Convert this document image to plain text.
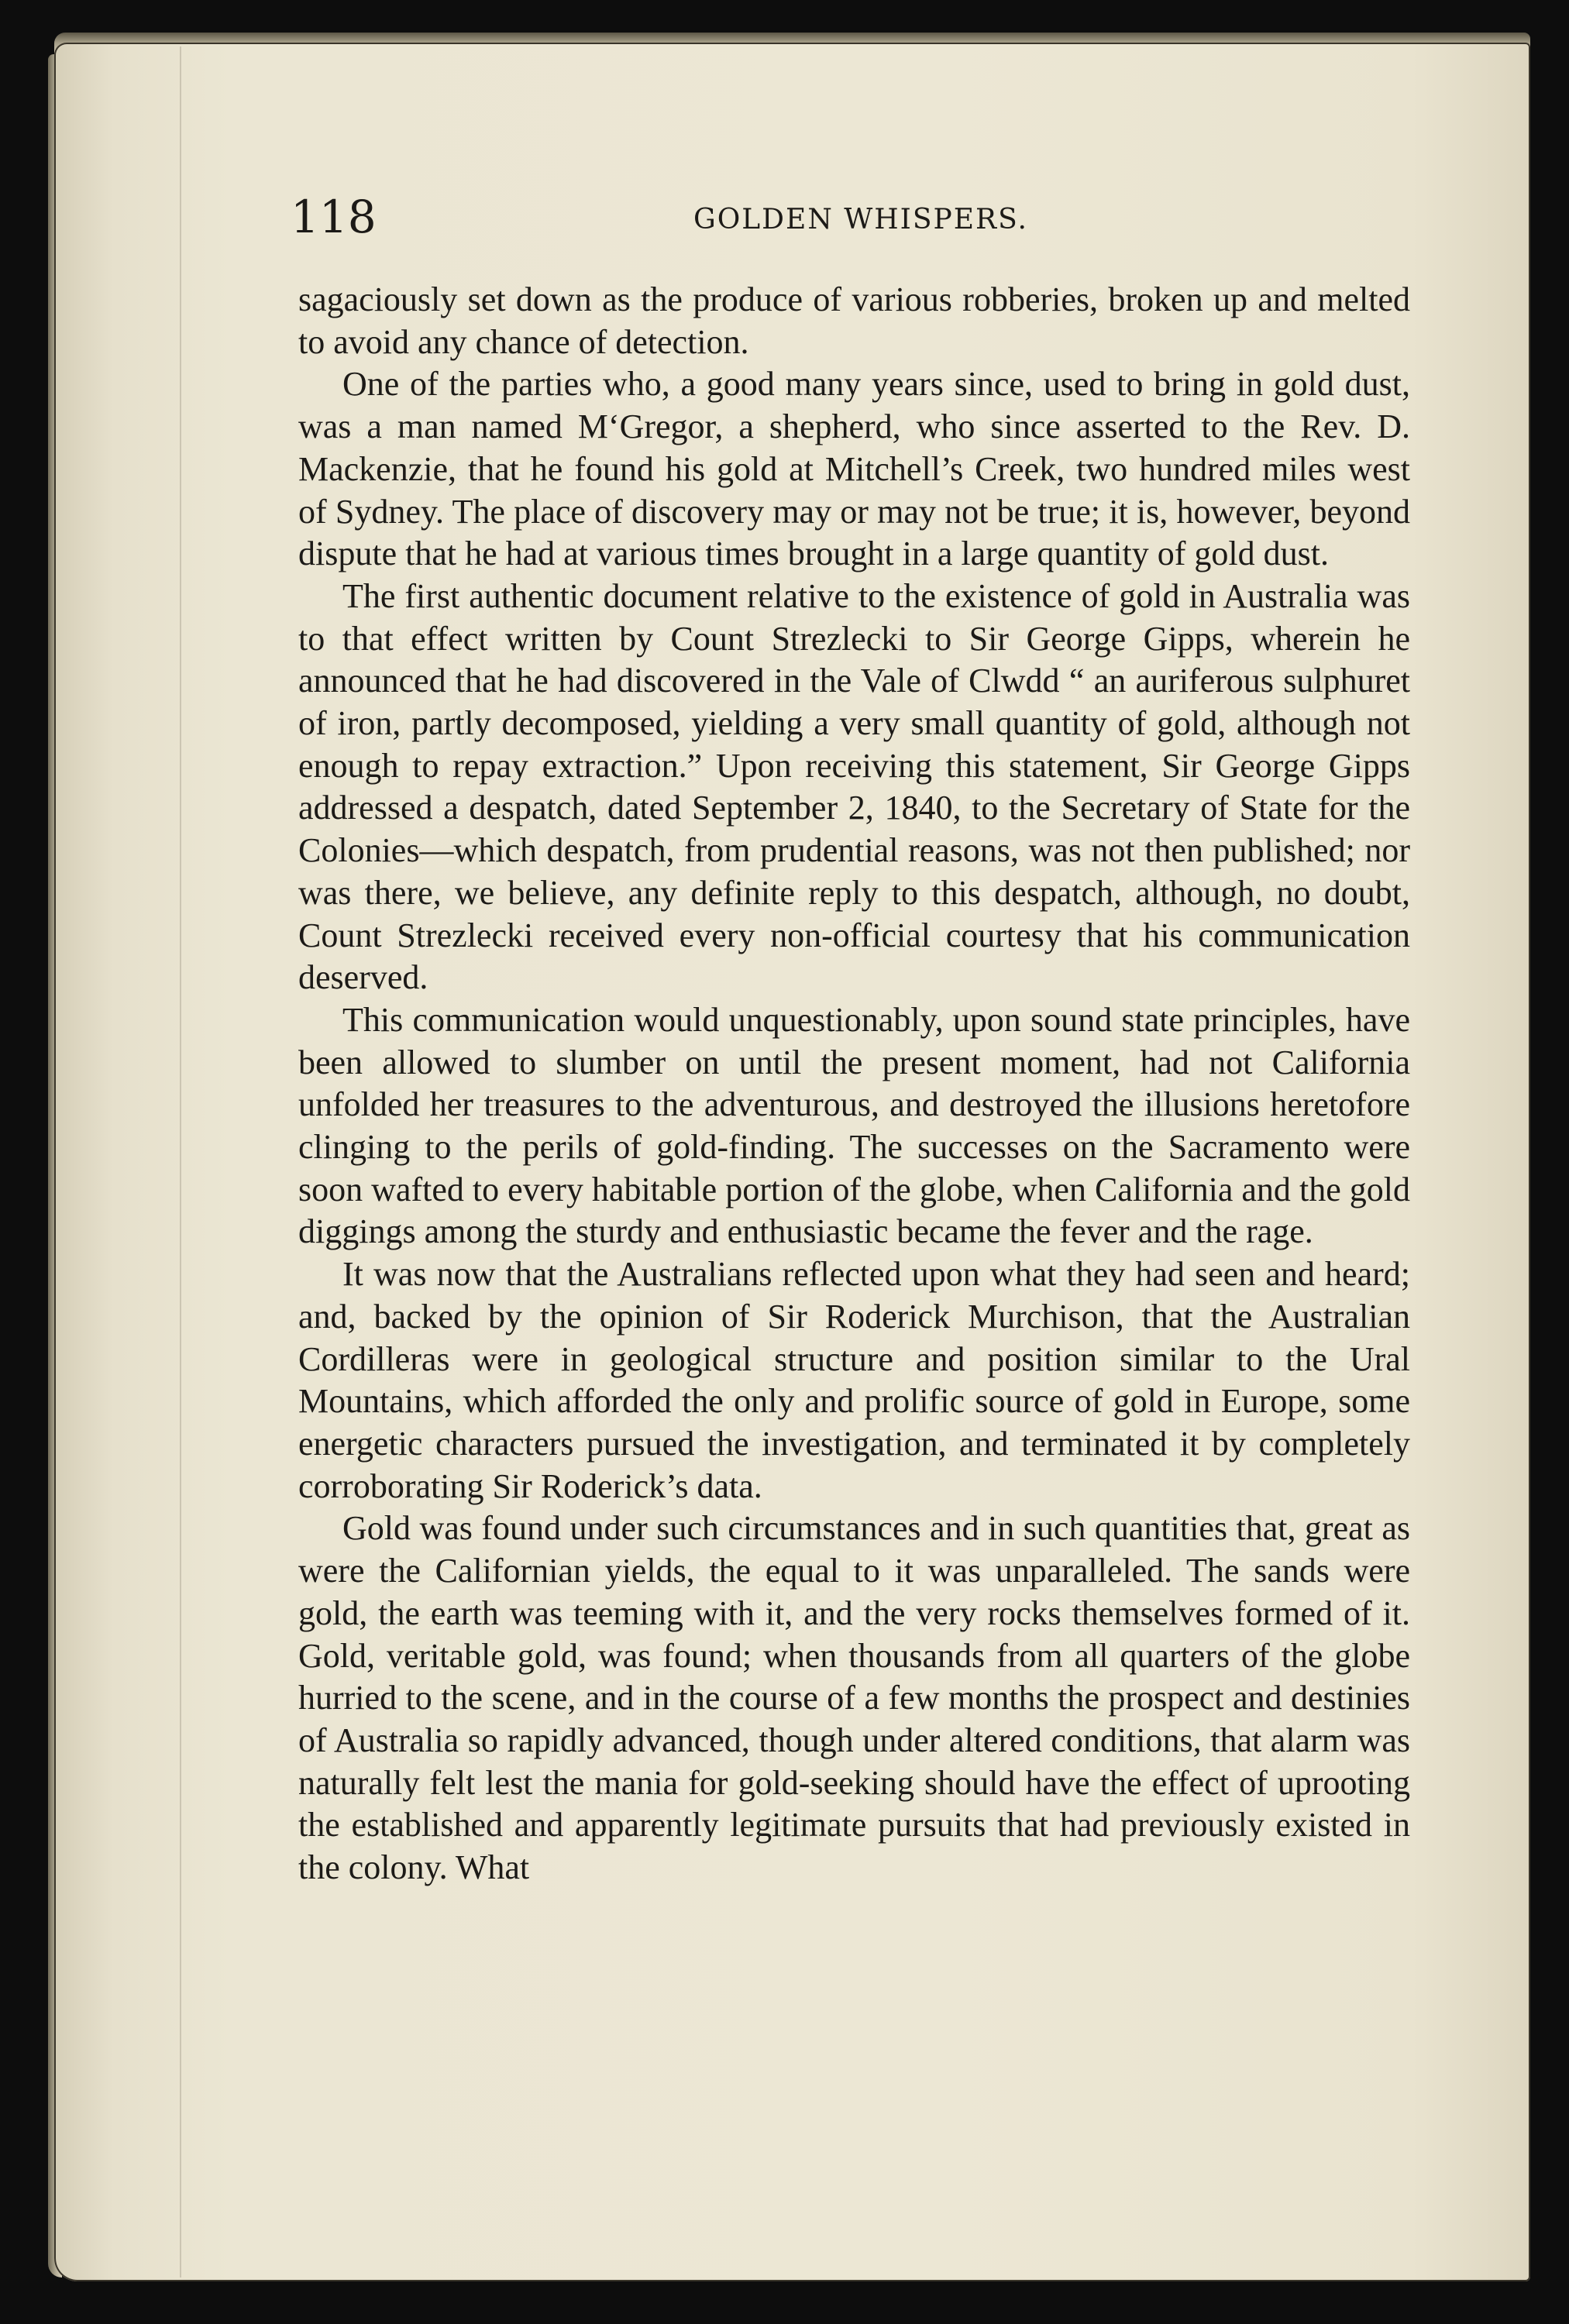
118	GOLDEN WHISPERS.

sagaciously set down as the produce of various robberies, broken up and melted to avoid any chance of detection.

One of the parties who, a good many years since, used to bring in gold dust, was a man named M‘Gregor, a shepherd, who since asserted to the Rev. D. Mackenzie, that he found his gold at Mitchell’s Creek, two hundred miles west of Sydney. The place of discovery may or may not be true; it is, however, beyond dispute that he had at various times brought in a large quantity of gold dust.

The first authentic document relative to the existence of gold in Australia was to that effect written by Count Strezlecki to Sir George Gipps, wherein he announced that he had discovered in the Vale of Clwdd “ an auriferous sulphuret of iron, partly decomposed, yielding a very small quantity of gold, although not enough to repay extraction.” Upon receiving this statement, Sir George Gipps addressed a despatch, dated September 2, 1840, to the Secretary of State for the Colonies—which despatch, from prudential reasons, was not then published; nor was there, we believe, any definite reply to this despatch, although, no doubt, Count Strezlecki received every non-official courtesy that his communication deserved.

This communication would unquestionably, upon sound state principles, have been allowed to slumber on until the present moment, had not California unfolded her treasures to the adventurous, and destroyed the illusions heretofore clinging to the perils of gold-finding. The successes on the Sacramento were soon wafted to every habitable portion of the globe, when California and the gold diggings among the sturdy and enthusiastic became the fever and the rage.

It was now that the Australians reflected upon what they had seen and heard; and, backed by the opinion of Sir Roderick Murchison, that the Australian Cordilleras were in geological structure and position similar to the Ural Mountains, which afforded the only and prolific source of gold in Europe, some energetic characters pursued the investigation, and terminated it by completely corroborating Sir Roderick’s data.

Gold was found under such circumstances and in such quantities that, great as were the Californian yields, the equal to it was unparalleled. The sands were gold, the earth was teeming with it, and the very rocks themselves formed of it. Gold, veritable gold, was found; when thousands from all quarters of the globe hurried to the scene, and in the course of a few months the prospect and destinies of Australia so rapidly advanced, though under altered conditions, that alarm was naturally felt lest the mania for gold-seeking should have the effect of uprooting the established and apparently legitimate pursuits that had previously existed in the colony. What
